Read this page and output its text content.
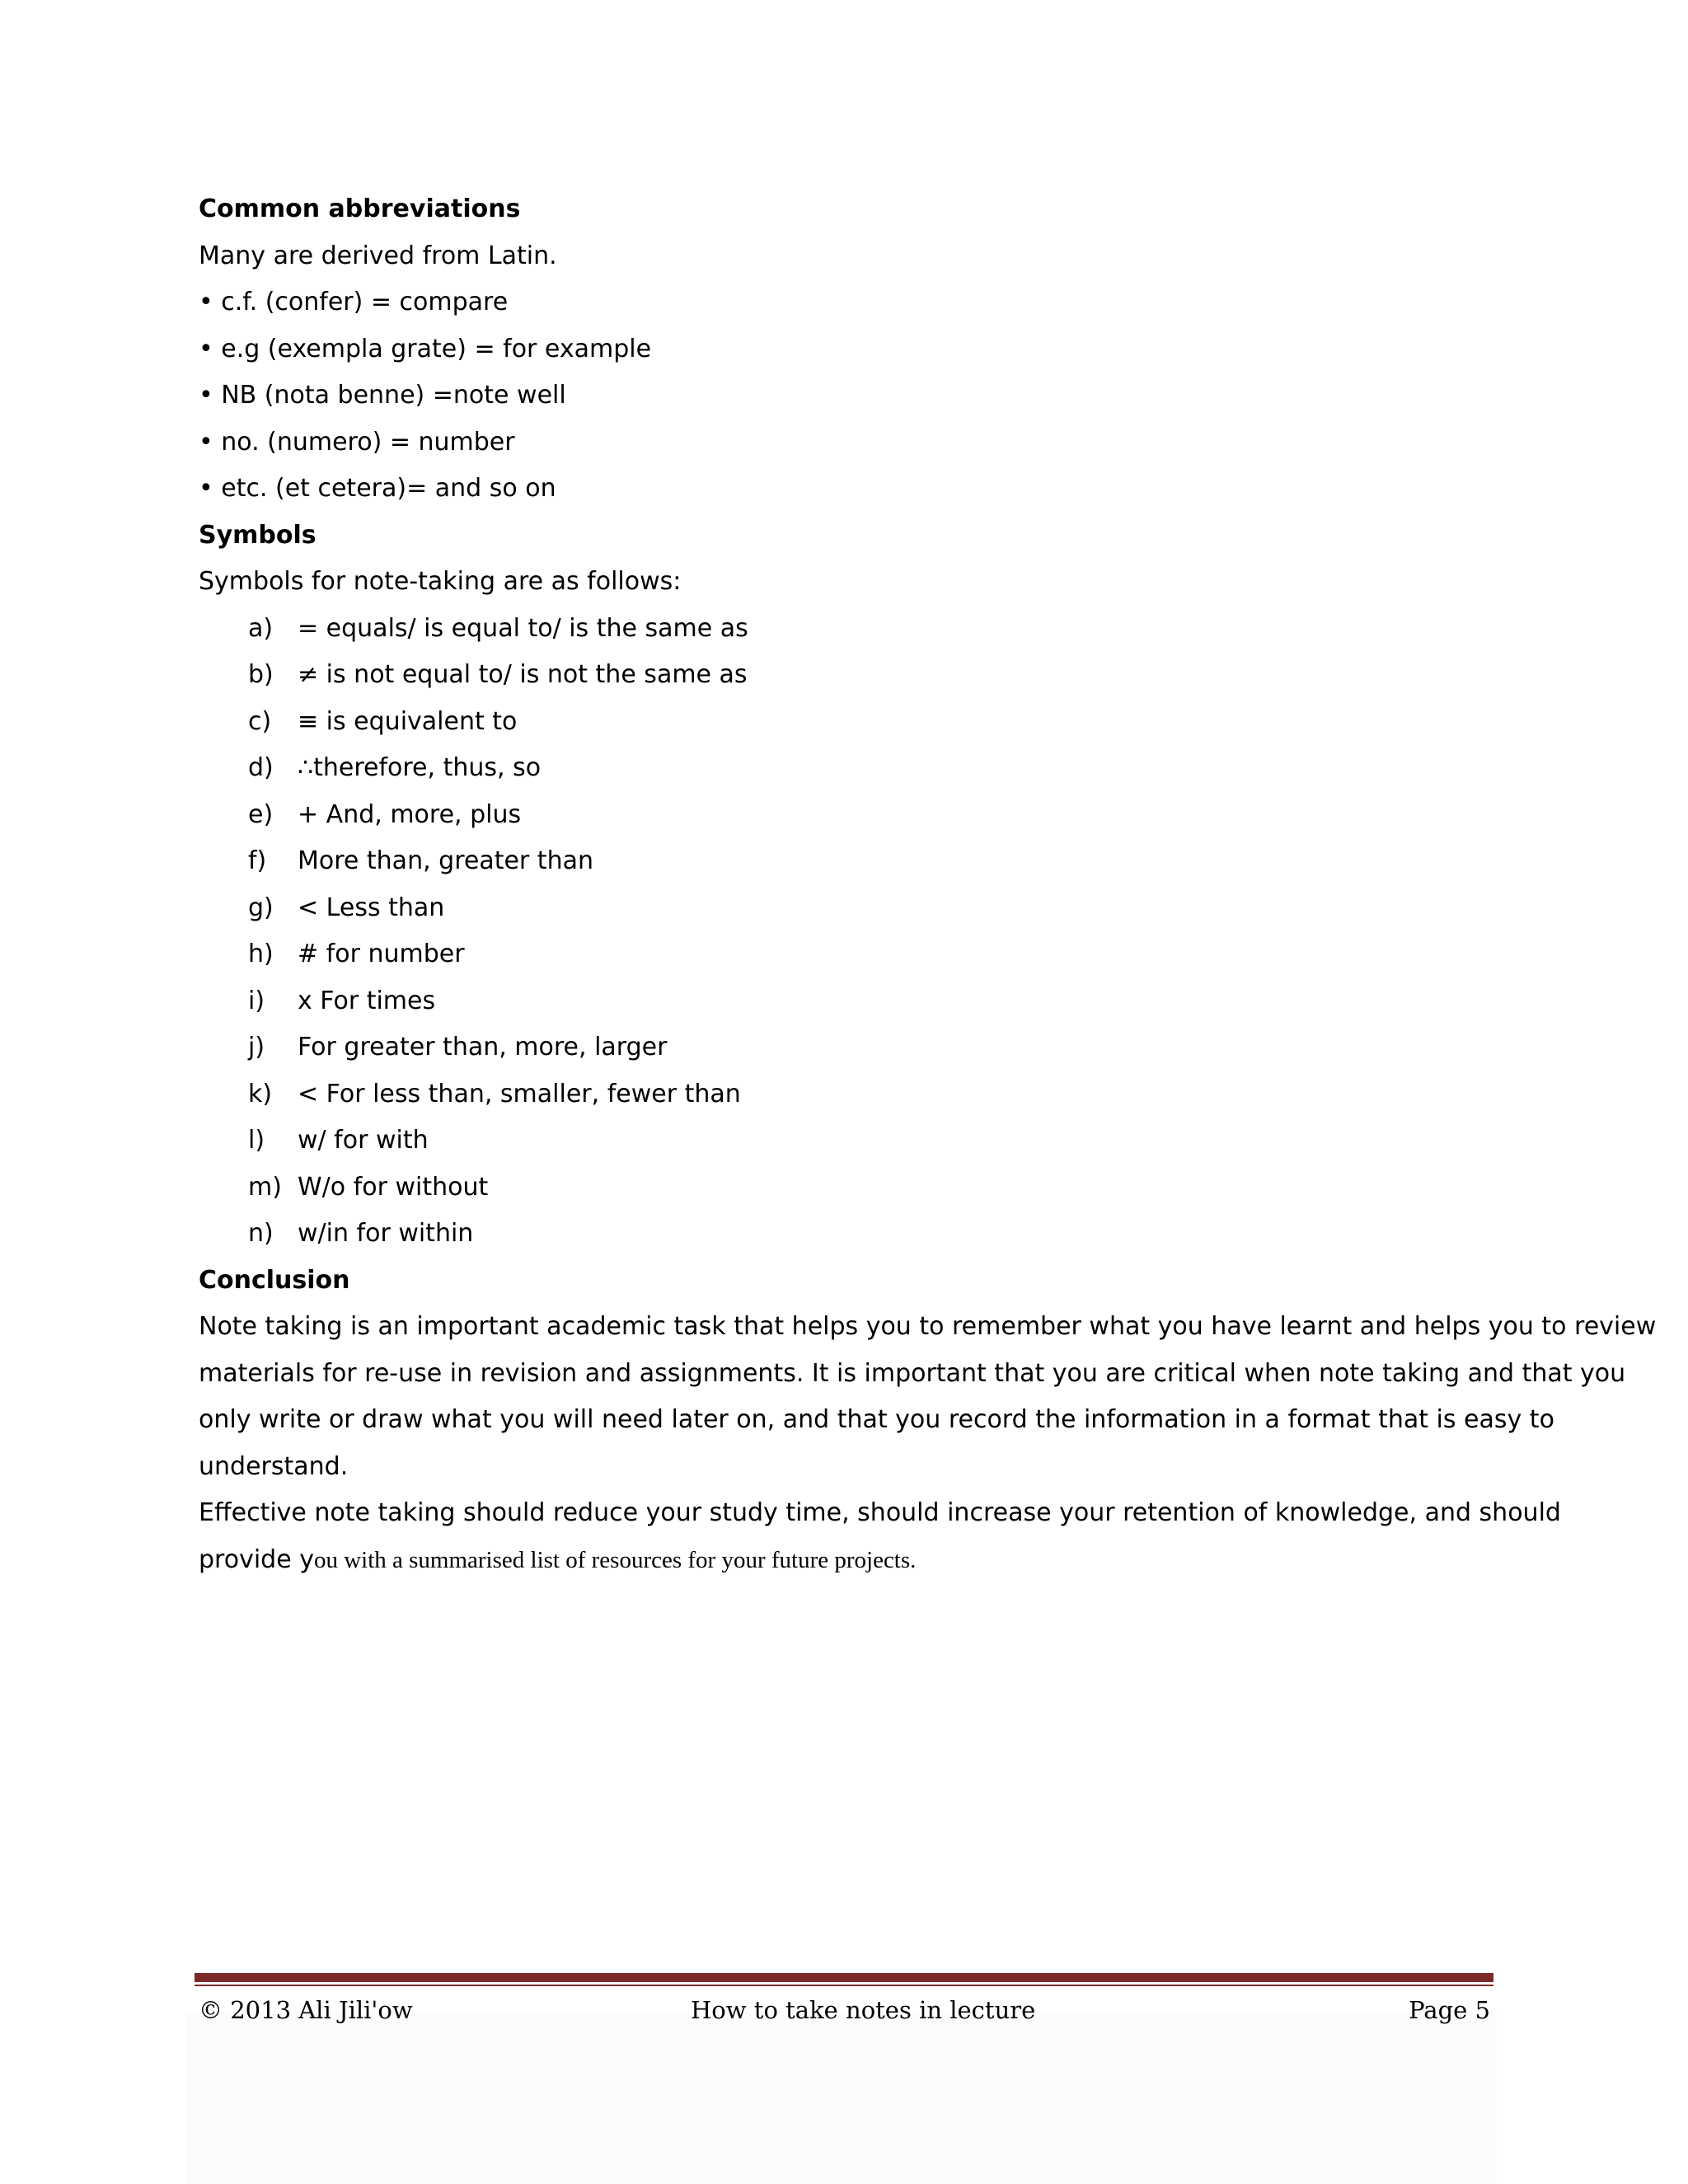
Common abbreviations
Many are derived from Latin.
• c.f. (confer) = compare
• e.g (exempla grate) = for example
• NB (nota benne) =note well
• no. (numero) = number
• etc. (et cetera)= and so on
Symbols
Symbols for note-taking are as follows:
a) = equals/ is equal to/ is the same as
b) ≠ is not equal to/ is not the same as
c)	≡ is equivalent to
d) ∴therefore, thus, so
e) + And, more, plus
f)	More than, greater than
g) < Less than
h) # for number
i)	x For times
j)	For greater than, more, larger
k)	< For less than, smaller, fewer than
l)	w/ for with
m) W/o for without
n) w/in for within
Conclusion
Note taking is an important academic task that helps you to remember what you have learnt and helps you to review
materials for re-use in revision and assignments. It is important that you are critical when note taking and that you
only write or draw what you will need later on, and that you record the information in a format that is easy to
understand.
Effective note taking should reduce your study time, should increase your retention of knowledge, and should
provide you with a summarised list of resources for your future projects.
© 2013 Ali Jili'ow	How to take notes in lecture	Page 5
